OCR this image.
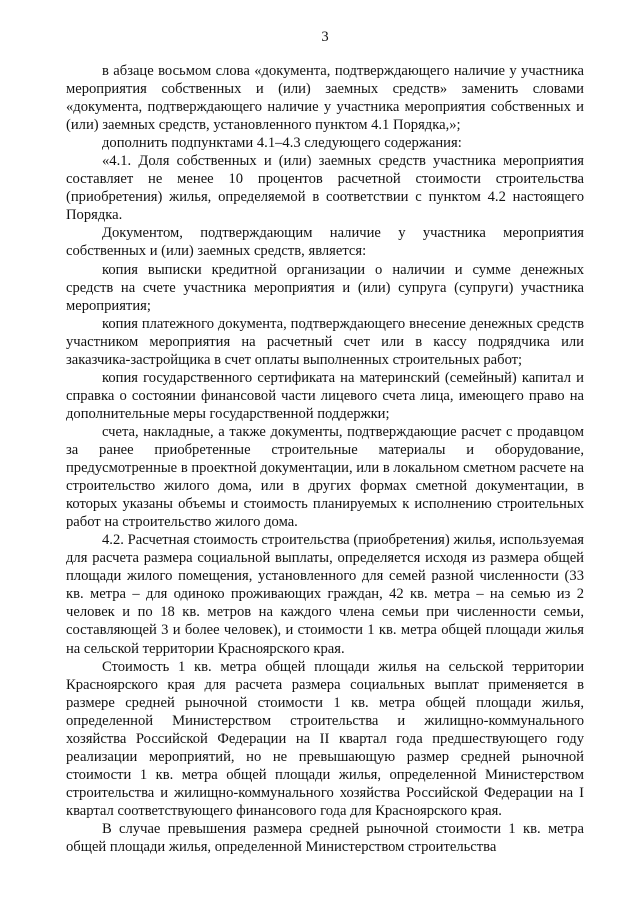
3

в абзаце восьмом слова «документа, подтверждающего наличие у участника мероприятия собственных и (или) заемных средств» заменить словами «документа, подтверждающего наличие у участника мероприятия собственных и (или) заемных средств, установленного пунктом 4.1 Порядка,»;

дополнить подпунктами 4.1–4.3 следующего содержания:

«4.1. Доля собственных и (или) заемных средств участника мероприятия составляет не менее 10 процентов расчетной стоимости строительства (приобретения) жилья, определяемой в соответствии с пунктом 4.2 настоящего Порядка.

Документом, подтверждающим наличие у участника мероприятия собственных и (или) заемных средств, является:

копия выписки кредитной организации о наличии и сумме денежных средств на счете участника мероприятия и (или) супруга (супруги) участника мероприятия;

копия платежного документа, подтверждающего внесение денежных средств участником мероприятия на расчетный счет или в кассу подрядчика или заказчика-застройщика в счет оплаты выполненных строительных работ;

копия государственного сертификата на материнский (семейный) капитал и справка о состоянии финансовой части лицевого счета лица, имеющего право на дополнительные меры государственной поддержки;

счета, накладные, а также документы, подтверждающие расчет с продавцом за ранее приобретенные строительные материалы и оборудование, предусмотренные в проектной документации, или в локальном сметном расчете на строительство жилого дома, или в других формах сметной документации, в которых указаны объемы и стоимость планируемых к исполнению строительных работ на строительство жилого дома.

4.2. Расчетная стоимость строительства (приобретения) жилья, используемая для расчета размера социальной выплаты, определяется исходя из размера общей площади жилого помещения, установленного для семей разной численности (33 кв. метра – для одиноко проживающих граждан, 42 кв. метра – на семью из 2 человек и по 18 кв. метров на каждого члена семьи при численности семьи, составляющей 3 и более человек), и стоимости 1 кв. метра общей площади жилья на сельской территории Красноярского края.

Стоимость 1 кв. метра общей площади жилья на сельской территории Красноярского края для расчета размера социальных выплат применяется в размере средней рыночной стоимости 1 кв. метра общей площади жилья, определенной Министерством строительства и жилищно-коммунального хозяйства Российской Федерации на II квартал года предшествующего году реализации мероприятий, но не превышающую размер средней рыночной стоимости 1 кв. метра общей площади жилья, определенной Министерством строительства и жилищно-коммунального хозяйства Российской Федерации на I квартал соответствующего финансового года для Красноярского края.

В случае превышения размера средней рыночной стоимости 1 кв. метра общей площади жилья, определенной Министерством строительства
